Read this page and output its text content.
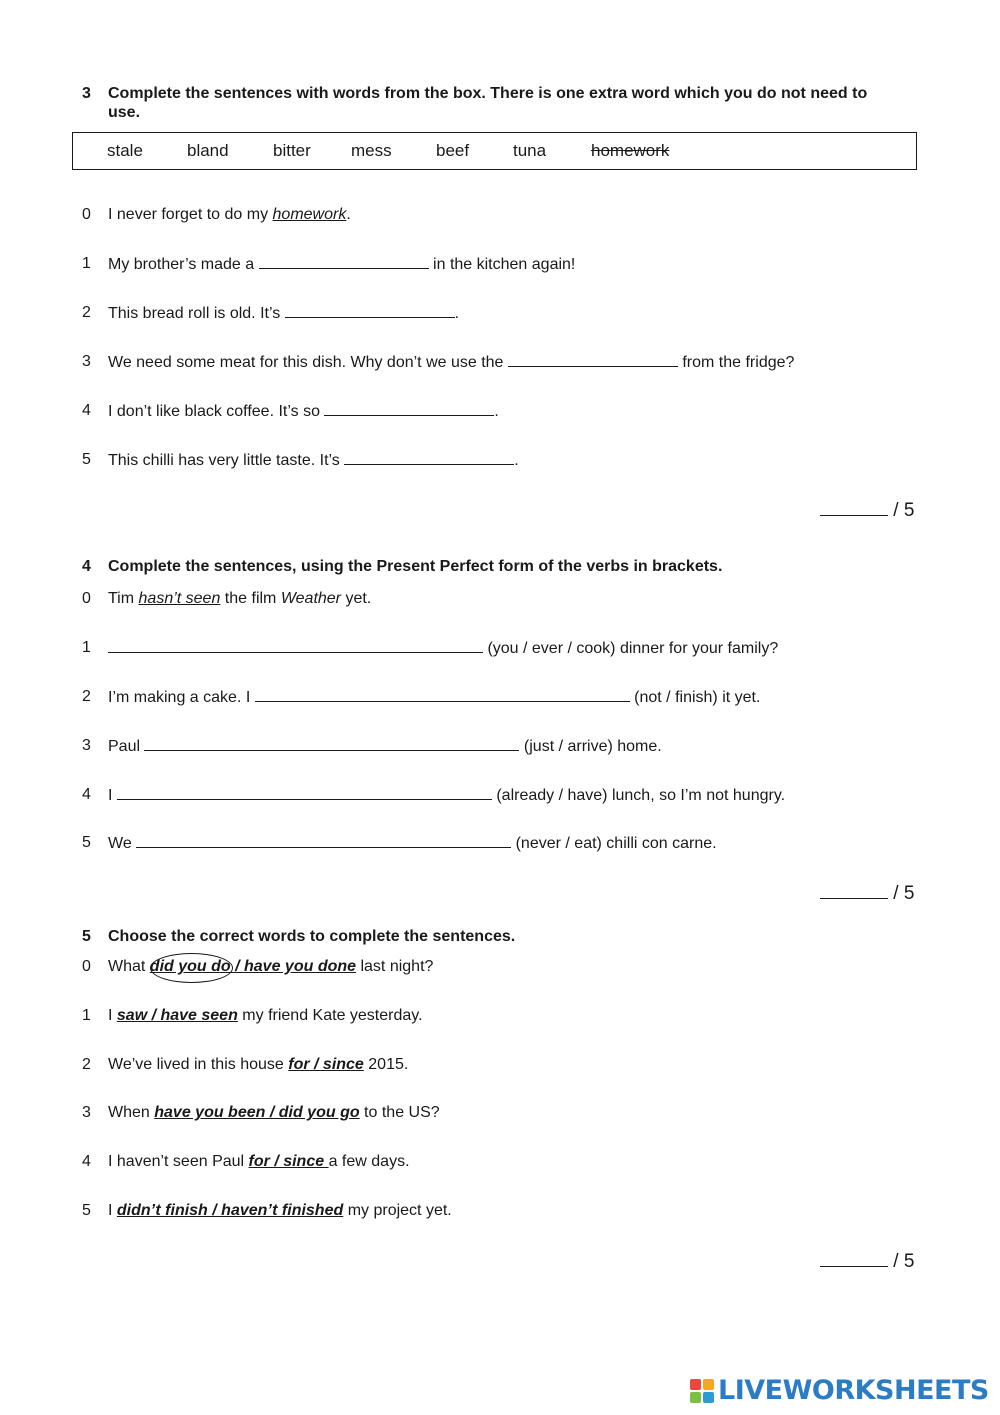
3	Complete the sentences with words from the box. There is one extra word which you do not need to
use.
stale	bland	bitter mess	beef	tuna	homework
0	I never forget to do my homework.
1	My brother’s made a	in the kitchen again!
2	This bread roll is old. It’s	.
3	We need some meat for this dish. Why don’t we use the	from the fridge?
4	I don’t like black coffee. It’s so	.
5	This chilli has very little taste. It’s	.
/ 5
4	Complete the sentences, using the Present Perfect form of the verbs in brackets.
0	Tim hasn’t seen the film Weather yet.
1	(you / ever / cook) dinner for your family?
2	I’m making a cake. I	(not / finish) it yet.
3	Paul	(just / arrive) home.
4	I	(already / have) lunch, so I’m not hungry.
5	We	(never / eat) chilli con carne.
/ 5
5	Choose the correct words to complete the sentences.
0	What did you do / have you done last night?
1	I saw / have seen my friend Kate yesterday.
2	We’ve lived in this house for / since 2015.
3	When have you been / did you go to the US?
4	I haven’t seen Paul for / since a few days.
5	I didn’t finish / haven’t finished my project yet.
/ 5
LIVEWORKSHEETS
